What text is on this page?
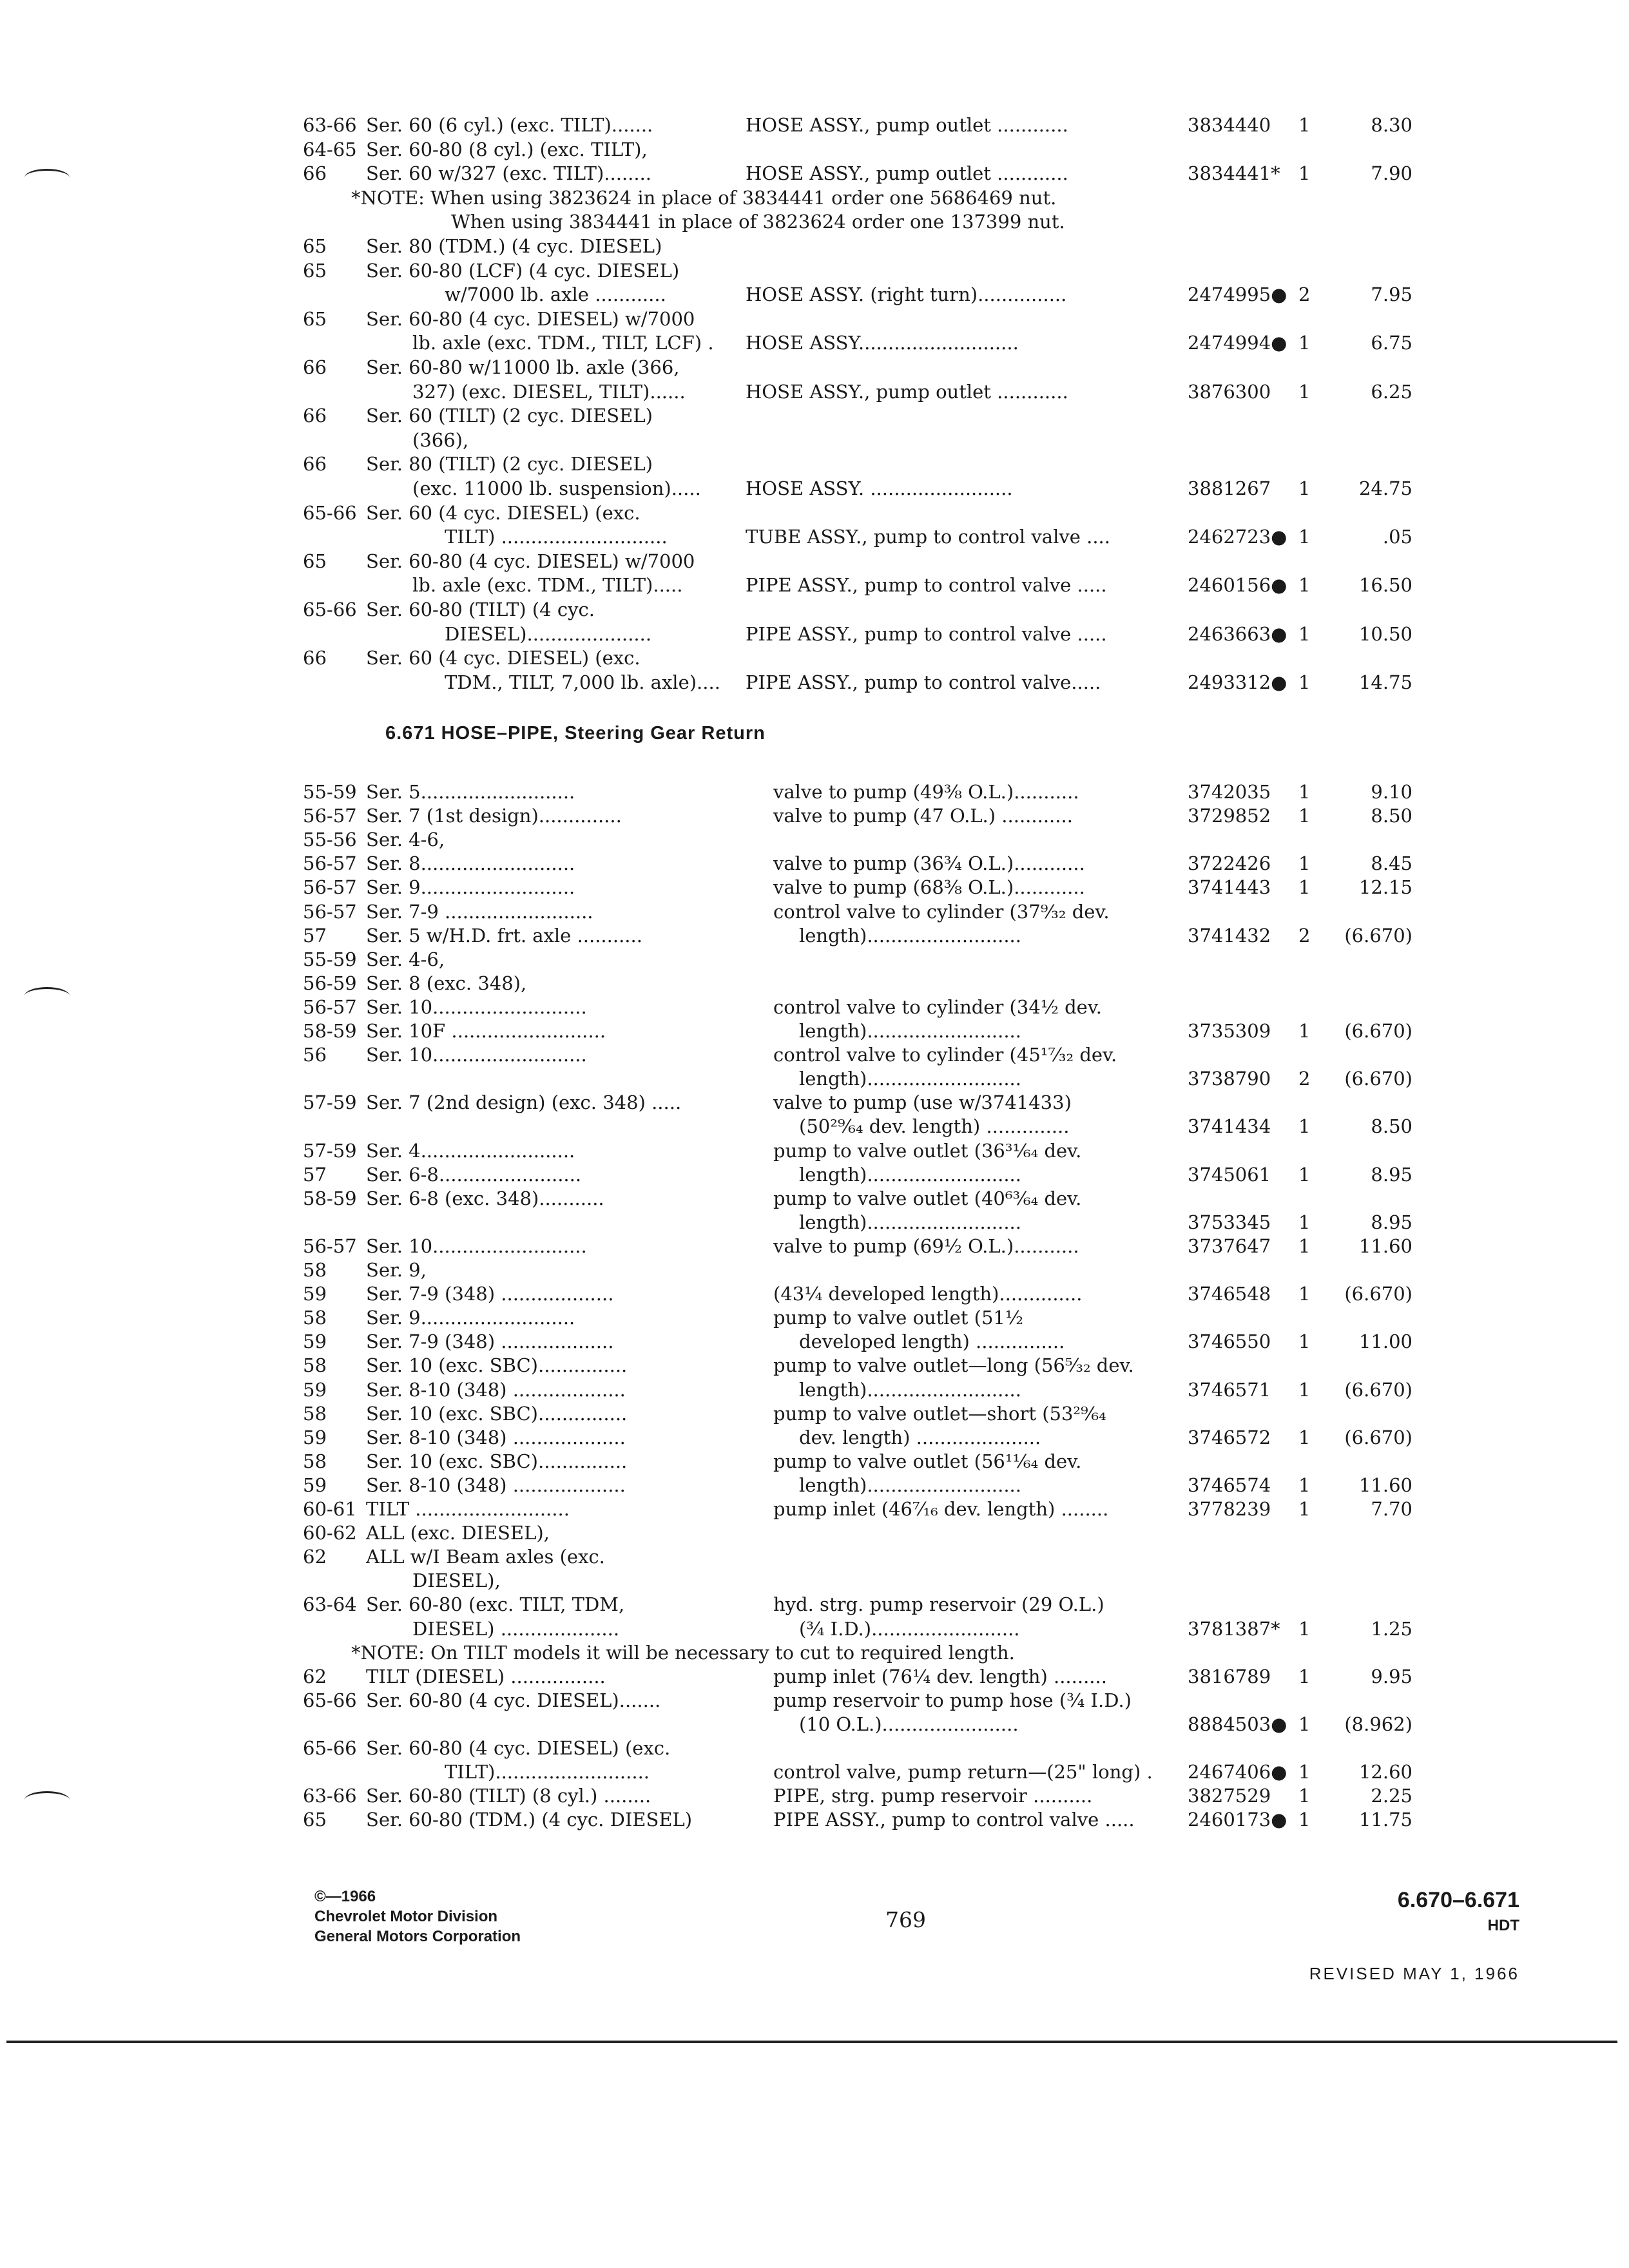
63-66 Ser. 60 (6 cyl.) (exc. TILT).......	HOSE ASSY., pump outlet ............	3834440 1	8.30
64-65 Ser. 60-80 (8 cyl.) (exc. TILT),
66 Ser. 60 w/327 (exc. TILT)........	HOSE ASSY., pump outlet ............	3834441* 1	7.90
*NOTE: When using 3823624 in place of 3834441 order one 5686469 nut.
When using 3834441 in place of 3823624 order one 137399 nut.
65 Ser. 80 (TDM.) (4 cyc. DIESEL)
65 Ser. 60-80 (LCF) (4 cyc. DIESEL)
w/7000 lb. axle ............	HOSE ASSY. (right turn)...............	2474995● 2	7.95
65 Ser. 60-80 (4 cyc. DIESEL) w/7000
lb. axle (exc. TDM., TILT, LCF) . HOSE ASSY...........................	2474994● 1	6.75
66 Ser. 60-80 w/11000 lb. axle (366,
327) (exc. DIESEL, TILT)......	HOSE ASSY., pump outlet ............	3876300 1	6.25
66 Ser. 60 (TILT) (2 cyc. DIESEL)
(366),
66 Ser. 80 (TILT) (2 cyc. DIESEL)
(exc. 11000 lb. suspension)..... HOSE ASSY. ........................	3881267 1	24.75
65-66 Ser. 60 (4 cyc. DIESEL) (exc.
TILT) ............................	TUBE ASSY., pump to control valve ....	2462723● 1	.05
65 Ser. 60-80 (4 cyc. DIESEL) w/7000
lb. axle (exc. TDM., TILT).....	PIPE ASSY., pump to control valve .....	2460156● 1	16.50
65-66 Ser. 60-80 (TILT) (4 cyc.
DIESEL).....................	PIPE ASSY., pump to control valve .....	2463663● 1	10.50
66 Ser. 60 (4 cyc. DIESEL) (exc.
TDM., TILT, 7,000 lb. axle).... PIPE ASSY., pump to control valve.....	2493312● 1	14.75
55-59 Ser. 5..........................	valve to pump (49⅜ O.L.)...........	3742035 1	9.10
56-57 Ser. 7 (1st design)..............	valve to pump (47 O.L.) ............	3729852 1	8.50
55-56 Ser. 4-6,
56-57 Ser. 8..........................	valve to pump (36¾ O.L.)............	3722426 1	8.45
56-57 Ser. 9..........................	valve to pump (68⅜ O.L.)............	3741443 1	12.15
56-57 Ser. 7-9 .........................	control valve to cylinder (37⁹⁄₃₂ dev.
57 Ser. 5 w/H.D. frt. axle ...........	length)..........................	3741432 2	(6.670)
55-59 Ser. 4-6,
56-59 Ser. 8 (exc. 348),
56-57 Ser. 10..........................	control valve to cylinder (34½ dev.
58-59 Ser. 10F ..........................	length)..........................	3735309 1	(6.670)
56 Ser. 10..........................	control valve to cylinder (45¹⁷⁄₃₂ dev.
length)..........................	3738790 2	(6.670)
57-59 Ser. 7 (2nd design) (exc. 348) .....	valve to pump (use w/3741433)
(50²⁹⁄₆₄ dev. length) ..............	3741434 1	8.50
57-59 Ser. 4..........................	pump to valve outlet (36³¹⁄₆₄ dev.
57 Ser. 6-8........................	length)..........................	3745061 1	8.95
58-59 Ser. 6-8 (exc. 348)...........	pump to valve outlet (40⁶³⁄₆₄ dev.
length)..........................	3753345 1	8.95
56-57 Ser. 10..........................	valve to pump (69½ O.L.)...........	3737647 1	11.60
58 Ser. 9,
59 Ser. 7-9 (348) ...................	(43¼ developed length)..............	3746548 1	(6.670)
58 Ser. 9..........................	pump to valve outlet (51½
59 Ser. 7-9 (348) ...................	developed length) ...............	3746550 1	11.00
58 Ser. 10 (exc. SBC)...............	pump to valve outlet—long (56⁵⁄₃₂ dev.
59 Ser. 8-10 (348) ...................	length)..........................	3746571 1	(6.670)
58 Ser. 10 (exc. SBC)...............	pump to valve outlet—short (53²⁹⁄₆₄
59 Ser. 8-10 (348) ...................	dev. length) .....................	3746572 1	(6.670)
58 Ser. 10 (exc. SBC)...............	pump to valve outlet (56¹¹⁄₆₄ dev.
59 Ser. 8-10 (348) ...................	length)..........................	3746574 1	11.60
60-61 TILT ..........................	pump inlet (46⁷⁄₁₆ dev. length) ........	3778239 1	7.70
60-62 ALL (exc. DIESEL),
62 ALL w/I Beam axles (exc.
DIESEL),
63-64 Ser. 60-80 (exc. TILT, TDM,	hyd. strg. pump reservoir (29 O.L.)
DIESEL) ....................	(¾ I.D.).........................	3781387* 1	1.25
*NOTE: On TILT models it will be necessary to cut to required length.
62 TILT (DIESEL) ................	pump inlet (76¼ dev. length) .........	3816789 1	9.95
65-66 Ser. 60-80 (4 cyc. DIESEL).......	pump reservoir to pump hose (¾ I.D.)
(10 O.L.).......................	8884503● 1	(8.962)
65-66 Ser. 60-80 (4 cyc. DIESEL) (exc.
TILT)..........................	control valve, pump return—(25" long) . 2467406● 1	12.60
63-66 Ser. 60-80 (TILT) (8 cyl.) ........	PIPE, strg. pump reservoir ..........	3827529 1	2.25
65 Ser. 60-80 (TDM.) (4 cyc. DIESEL)	PIPE ASSY., pump to control valve .....	2460173● 1	11.75
6.671 HOSE–PIPE, Steering Gear Return
©—1966
Chevrolet Motor Division
General Motors Corporation
769
6.670–6.671
HDT
REVISED MAY 1, 1966
